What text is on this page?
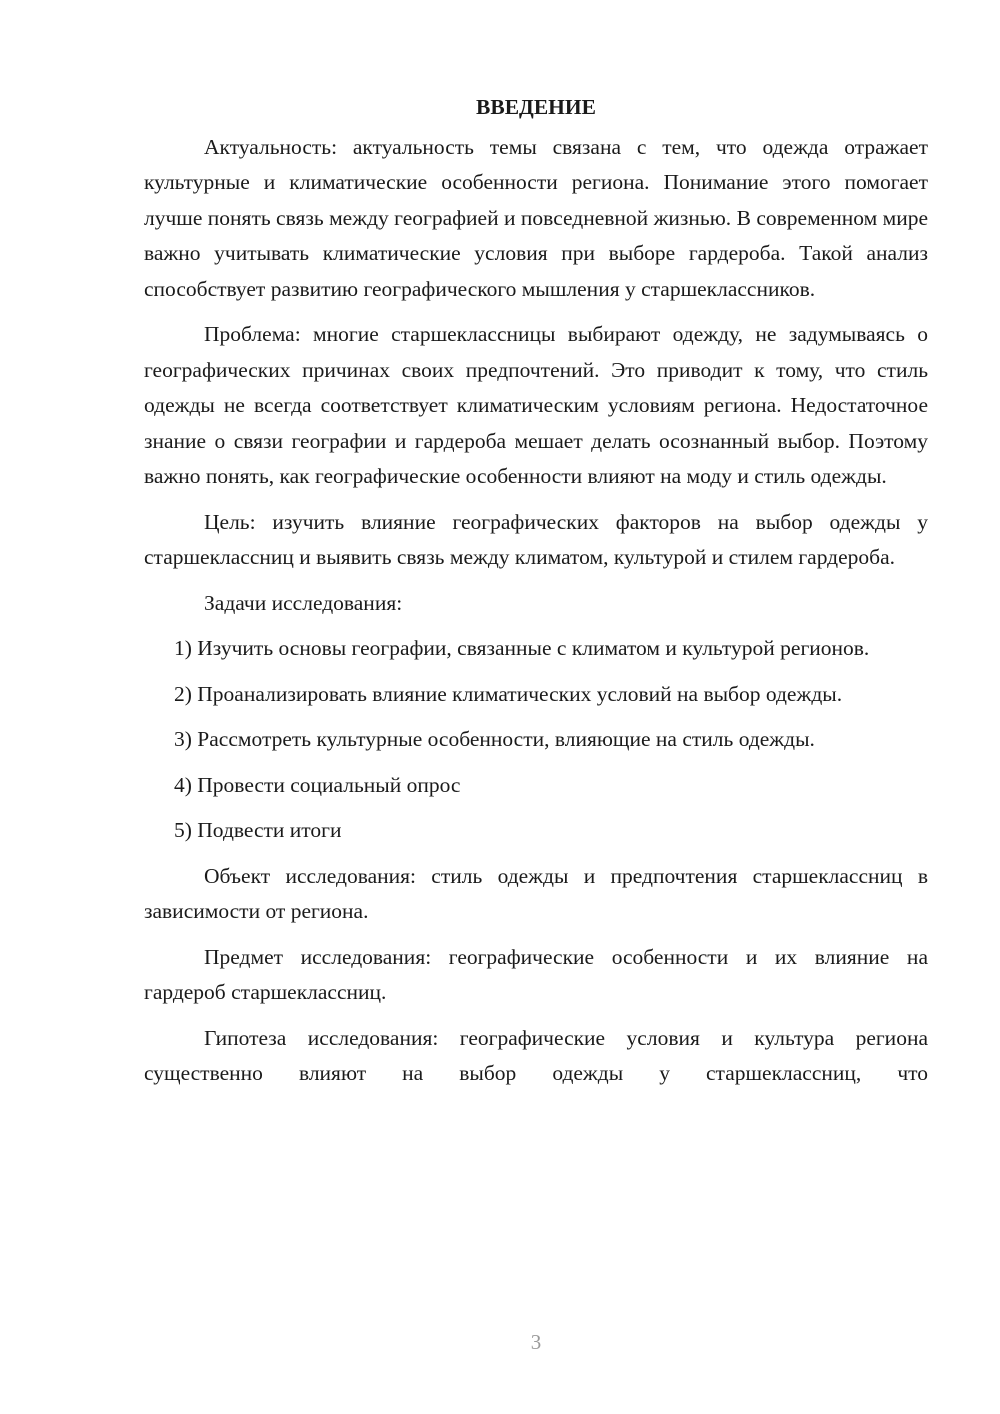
ВВЕДЕНИЕ

Актуальность: актуальность темы связана с тем, что одежда отражает культурные и климатические особенности региона. Понимание этого помогает лучше понять связь между географией и повседневной жизнью. В современном мире важно учитывать климатические условия при выборе гардероба. Такой анализ способствует развитию географического мышления у старшеклассников.

Проблема: многие старшеклассницы выбирают одежду, не задумываясь о географических причинах своих предпочтений. Это приводит к тому, что стиль одежды не всегда соответствует климатическим условиям региона. Недостаточное знание о связи географии и гардероба мешает делать осознанный выбор. Поэтому важно понять, как географические особенности влияют на моду и стиль одежды.

Цель: изучить влияние географических факторов на выбор одежды у старшеклассниц и выявить связь между климатом, культурой и стилем гардероба.

Задачи исследования:

1) Изучить основы географии, связанные с климатом и культурой регионов.

2) Проанализировать влияние климатических условий на выбор одежды.

3) Рассмотреть культурные особенности, влияющие на стиль одежды.

4) Провести социальный опрос

5) Подвести итоги

Объект исследования: стиль одежды и предпочтения старшеклассниц в зависимости от региона.

Предмет исследования: географические особенности и их влияние на гардероб старшеклассниц.

Гипотеза исследования: географические условия и культура региона существенно влияют на выбор одежды у старшеклассниц, что

3
